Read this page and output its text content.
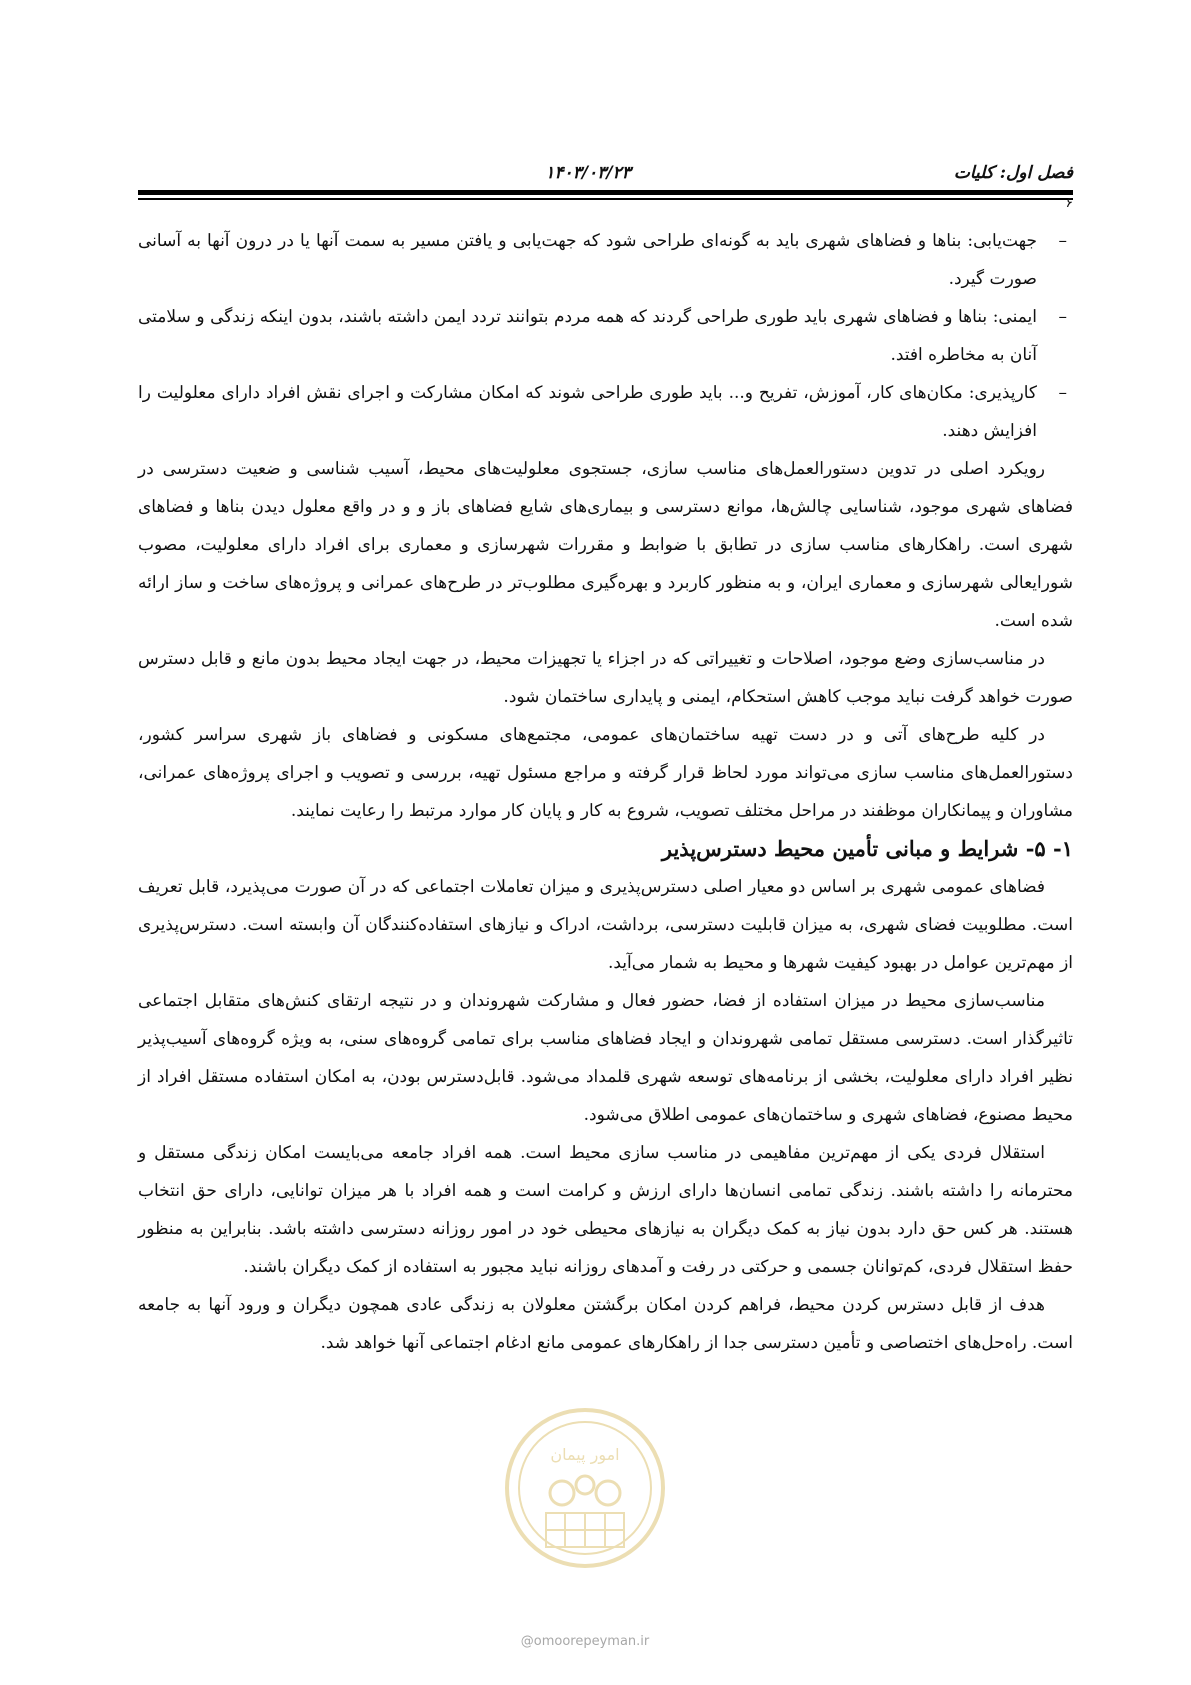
فصل اول: کلیات
۱۴۰۳/۰۳/۲۳
۶

–
جهت‌یابی: بناها و فضاهای شهری باید به گونه‌ای طراحی شود که جهت‌یابی و یافتن مسیر به سمت آنها یا در درون آنها به آسانی صورت گیرد.

–
ایمنی: بناها و فضاهای شهری باید طوری طراحی گردند که همه مردم بتوانند تردد ایمن داشته باشند، بدون اینکه زندگی و سلامتی آنان به مخاطره افتد.

–
کارپذیری: مکان‌های کار، آموزش، تفریح و... باید طوری طراحی شوند که امکان مشارکت و اجرای نقش افراد دارای معلولیت را افزایش دهند.

رویکرد اصلی در تدوین دستورالعمل‌های مناسب سازی، جستجوی معلولیت‌های محیط، آسیب شناسی و ضعیت دسترسی در فضاهای شهری موجود، شناسایی چالش‌ها، موانع دسترسی و بیماری‌های شایع فضاهای باز و و در واقع معلول دیدن بناها و فضاهای شهری است. راهکارهای مناسب سازی در تطابق با ضوابط و مقررات شهرسازی و معماری برای افراد دارای معلولیت، مصوب شورایعالی شهرسازی و معماری ایران، و به منظور کاربرد و بهره‌گیری مطلوب‌تر در طرح‌های عمرانی و پروژه‌های ساخت و ساز ارائه شده است.

در مناسب‌سازی وضع موجود، اصلاحات و تغییراتی که در اجزاء یا تجهیزات محیط، در جهت ایجاد محیط بدون مانع و قابل دسترس صورت خواهد گرفت نباید موجب کاهش استحکام، ایمنی و پایداری ساختمان شود.

در کلیه طرح‌های آتی و در دست تهیه ساختمان‌های عمومی، مجتمع‌های مسکونی و فضاهای باز شهری سراسر کشور، دستورالعمل‌های مناسب سازی می‌تواند مورد لحاظ قرار گرفته و مراجع مسئول تهیه، بررسی و تصویب و اجرای پروژه‌های عمرانی، مشاوران و پیمانکاران موظفند در مراحل مختلف تصویب، شروع به کار و پایان کار موارد مرتبط را رعایت نمایند.

۱- ۵- شرایط و مبانی تأمین محیط دسترس‌پذیر

فضاهای عمومی شهری بر اساس دو معیار اصلی دسترس‌پذیری و میزان تعاملات اجتماعی که در آن صورت می‌پذیرد، قابل تعریف است. مطلوبیت فضای شهری، به میزان قابلیت دسترسی، برداشت، ادراک و نیازهای استفاده‌کنندگان آن وابسته است. دسترس‌پذیری از مهم‌ترین عوامل در بهبود کیفیت شهرها و محیط به شمار می‌آید.

مناسب‌سازی محیط در میزان استفاده از فضا، حضور فعال و مشارکت شهروندان و در نتیجه ارتقای کنش‌های متقابل اجتماعی تاثیرگذار است. دسترسی مستقل تمامی شهروندان و ایجاد فضاهای مناسب برای تمامی گروه‌های سنی، به ویژه گروه‌های آسیب‌پذیر نظیر افراد دارای معلولیت، بخشی از برنامه‌های توسعه شهری قلمداد می‌شود. قابل‌دسترس بودن، به امکان استفاده مستقل افراد از محیط مصنوع، فضاهای شهری و ساختمان‌های عمومی اطلاق می‌شود.

استقلال فردی یکی از مهم‌ترین مفاهیمی در مناسب سازی محیط است. همه افراد جامعه می‌بایست امکان زندگی مستقل و محترمانه را داشته باشند. زندگی تمامی انسان‌ها دارای ارزش و کرامت است و همه افراد با هر میزان توانایی، دارای حق انتخاب هستند. هر کس حق دارد بدون نیاز به کمک دیگران به نیازهای محیطی خود در امور روزانه دسترسی داشته باشد. بنابراین به منظور حفظ استقلال فردی، کم‌توانان جسمی و حرکتی در رفت و آمدهای روزانه نباید مجبور به استفاده از کمک دیگران باشند.

هدف از قابل دسترس کردن محیط، فراهم کردن امکان برگشتن معلولان به زندگی عادی همچون دیگران و ورود آنها به جامعه است. راه‌حل‌های اختصاصی و تأمین دسترسی جدا از راهکارهای عمومی مانع ادغام اجتماعی آنها خواهد شد.

امور پیمان
@omoorepeyman.ir
